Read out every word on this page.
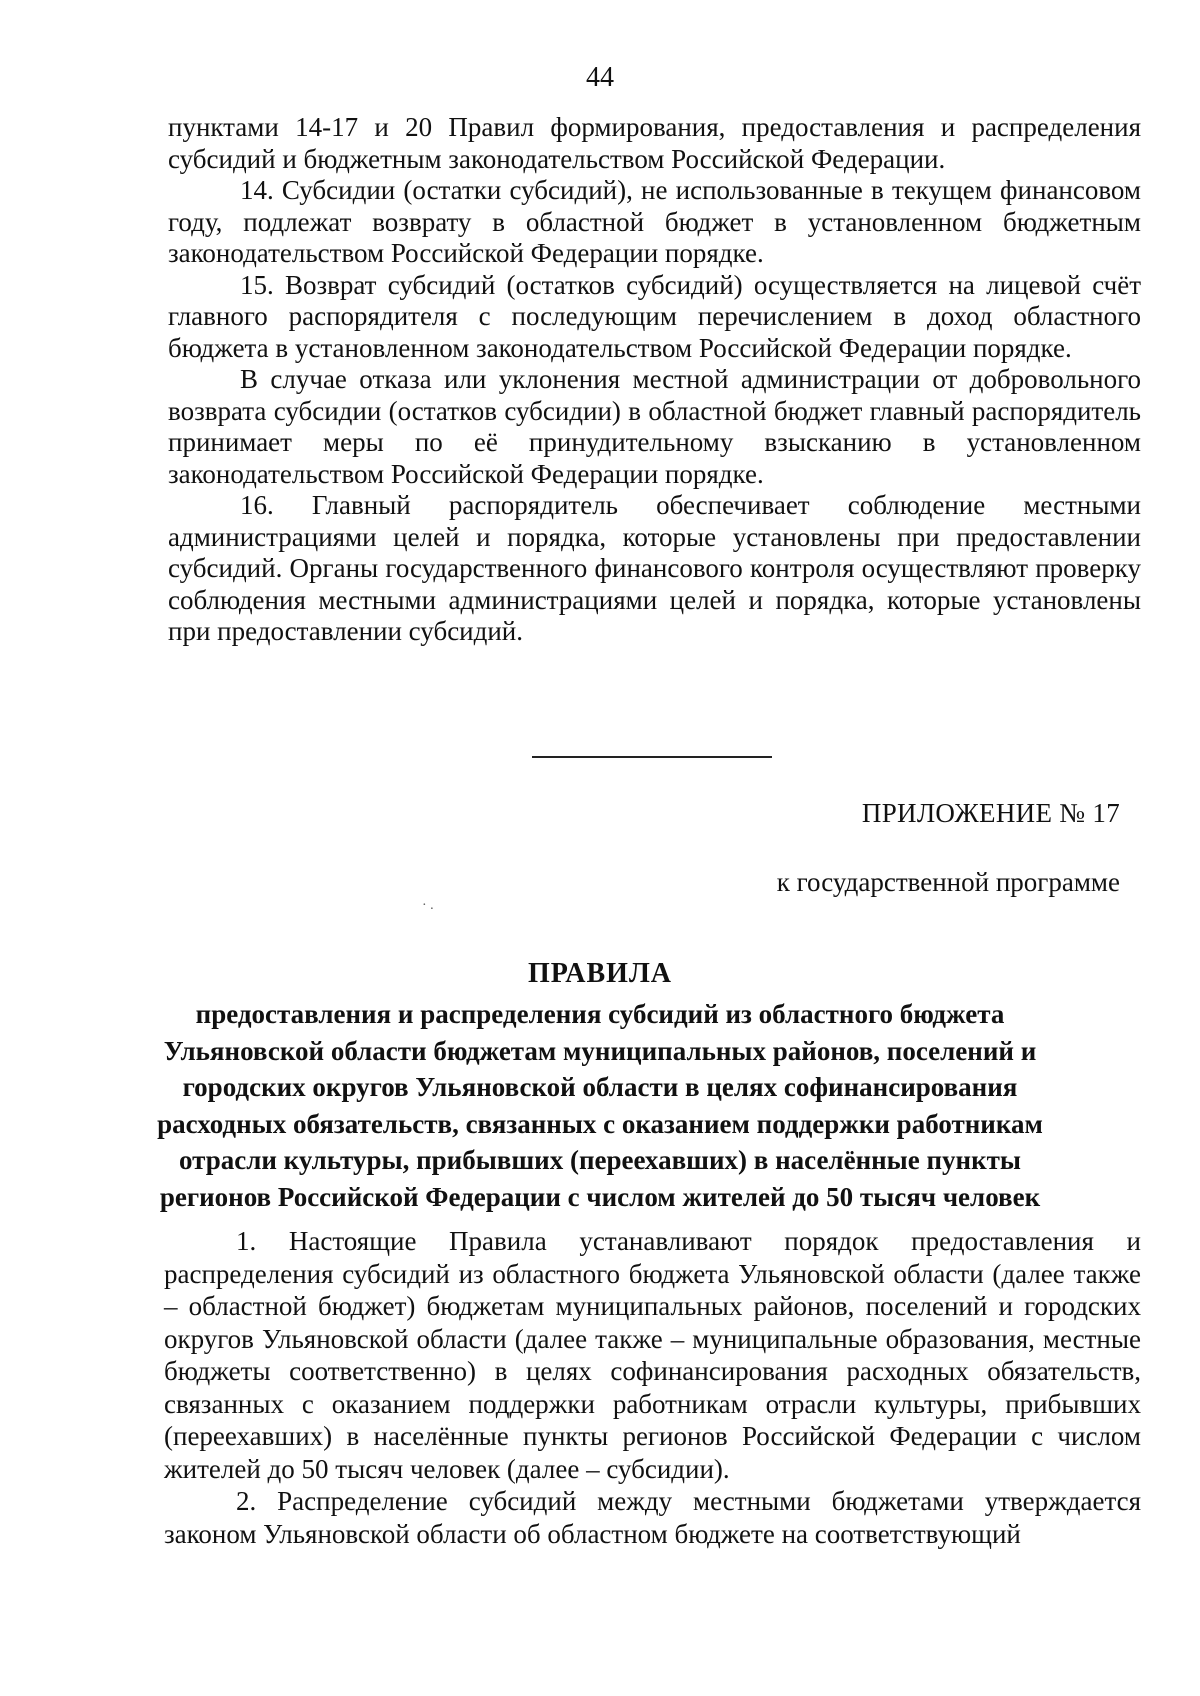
44

пунктами 14-17 и 20 Правил формирования, предоставления и распределения субсидий и бюджетным законодательством Российской Федерации.

14. Субсидии (остатки субсидий), не использованные в текущем финансовом году, подлежат возврату в областной бюджет в установленном бюджетным законодательством Российской Федерации порядке.

15. Возврат субсидий (остатков субсидий) осуществляется на лицевой счёт главного распорядителя с последующим перечислением в доход областного бюджета в установленном законодательством Российской Федерации порядке.

В случае отказа или уклонения местной администрации от добровольного возврата субсидии (остатков субсидии) в областной бюджет главный распорядитель принимает меры по её принудительному взысканию в установленном законодательством Российской Федерации порядке.

16. Главный распорядитель обеспечивает соблюдение местными администрациями целей и порядка, которые установлены при предоставлении субсидий. Органы государственного финансового контроля осуществляют проверку соблюдения местными администрациями целей и порядка, которые установлены при предоставлении субсидий.

ПРИЛОЖЕНИЕ № 17
к государственной программе
· .
ПРАВИЛА
предоставления и распределения субсидий из областного бюджета Ульяновской области бюджетам муниципальных районов, поселений и городских округов Ульяновской области в целях софинансирования расходных обязательств, связанных с оказанием поддержки работникам отрасли культуры, прибывших (переехавших) в населённые пункты регионов Российской Федерации с числом жителей до 50 тысяч человек

1. Настоящие Правила устанавливают порядок предоставления и распределения субсидий из областного бюджета Ульяновской области (далее также – областной бюджет) бюджетам муниципальных районов, поселений и городских округов Ульяновской области (далее также – муниципальные образования, местные бюджеты соответственно) в целях софинансирования расходных обязательств, связанных с оказанием поддержки работникам отрасли культуры, прибывших (переехавших) в населённые пункты регионов Российской Федерации с числом жителей до 50 тысяч человек (далее – субсидии).

2. Распределение субсидий между местными бюджетами утверждается законом Ульяновской области об областном бюджете на соответствующий
